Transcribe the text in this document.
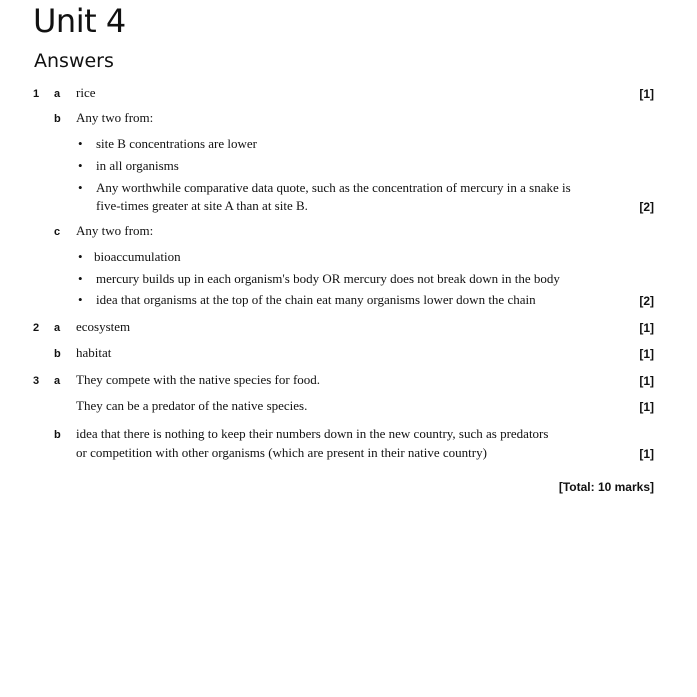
Unit 4
Answers
1 a rice	[1]
b Any two from:
• site B concentrations are lower
• in all organisms
• Any worthwhile comparative data quote, such as the concentration of mercury in a snake is
five-times greater at site A than at site B.	[2]
c Any two from:
• bioaccumulation
• mercury builds up in each organism's body OR mercury does not break down in the body
• idea that organisms at the top of the chain eat many organisms lower down the chain	[2]
2 a ecosystem	[1]
b habitat	[1]
3 a They compete with the native species for food.	[1]
They can be a predator of the native species.	[1]
b idea that there is nothing to keep their numbers down in the new country, such as predators
or competition with other organisms (which are present in their native country)	[1]
[Total: 10 marks]
